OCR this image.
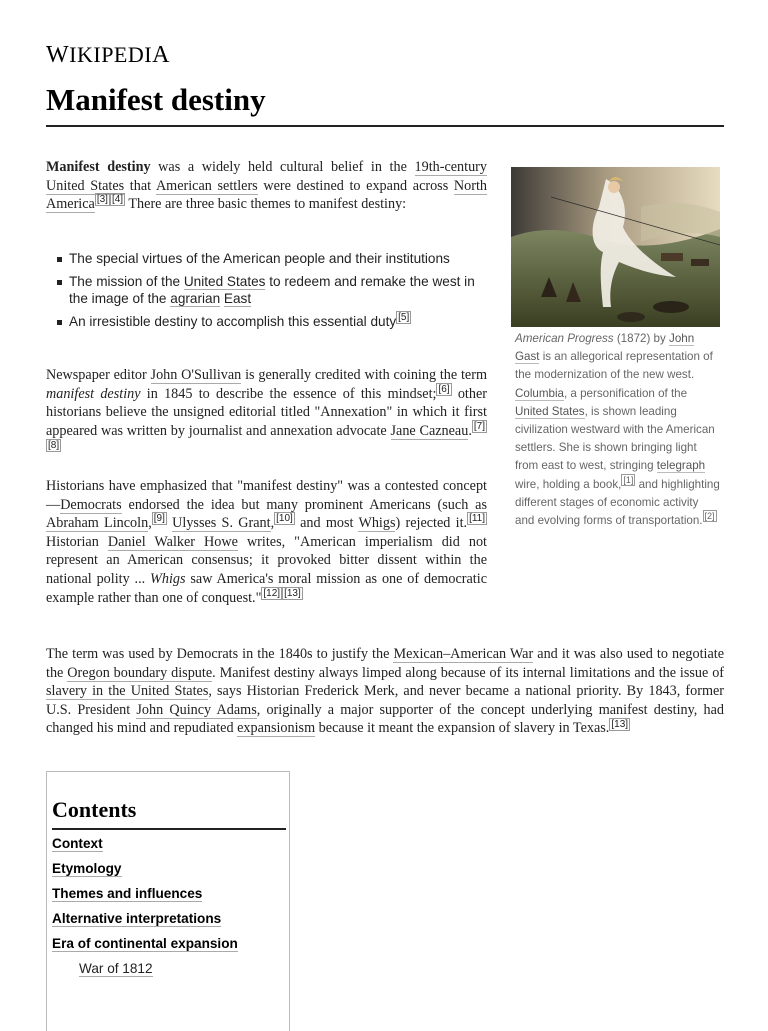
WIKIPEDIA
Manifest destiny

Manifest destiny was a widely held cultural belief in the 19th-century United States that American settlers were destined to expand across North America [3] [4] There are three basic themes to manifest destiny:

The special virtues of the American people and their institutions
The mission of the United States to redeem and remake the west in the image of the agrarian East
An irresistible destiny to accomplish this essential duty [5]

Newspaper editor John O'Sullivan is generally credited with coining the term manifest destiny in 1845 to describe the essence of this mindset; [6] other historians believe the unsigned editorial titled "Annexation" in which it first appeared was written by journalist and annexation advocate Jane Cazneau. [7][8]

Historians have emphasized that "manifest destiny" was a contested concept—Democrats endorsed the idea but many prominent Americans (such as Abraham Lincoln, [9] Ulysses S. Grant, [10] and most Whigs) rejected it. [11] Historian Daniel Walker Howe writes, "American imperialism did not represent an American consensus; it provoked bitter dissent within the national polity ... Whigs saw America's moral mission as one of democratic example rather than one of conquest." [12] [13]

The term was used by Democrats in the 1840s to justify the Mexican–American War and it was also used to negotiate the Oregon boundary dispute. Manifest destiny always limped along because of its internal limitations and the issue of slavery in the United States, says Historian Frederick Merk, and never became a national priority. By 1843, former U.S. President John Quincy Adams, originally a major supporter of the concept underlying manifest destiny, had changed his mind and repudiated expansionism because it meant the expansion of slavery in Texas. [13]

American Progress (1872) by John Gast is an allegorical representation of the modernization of the new west. Columbia, a personification of the United States, is shown leading civilization westward with the American settlers. She is shown bringing light from east to west, stringing telegraph wire, holding a book, [1] and highlighting different stages of economic activity and evolving forms of transportation. [2]

Contents
Context
Etymology
Themes and influences
Alternative interpretations
Era of continental expansion
War of 1812
